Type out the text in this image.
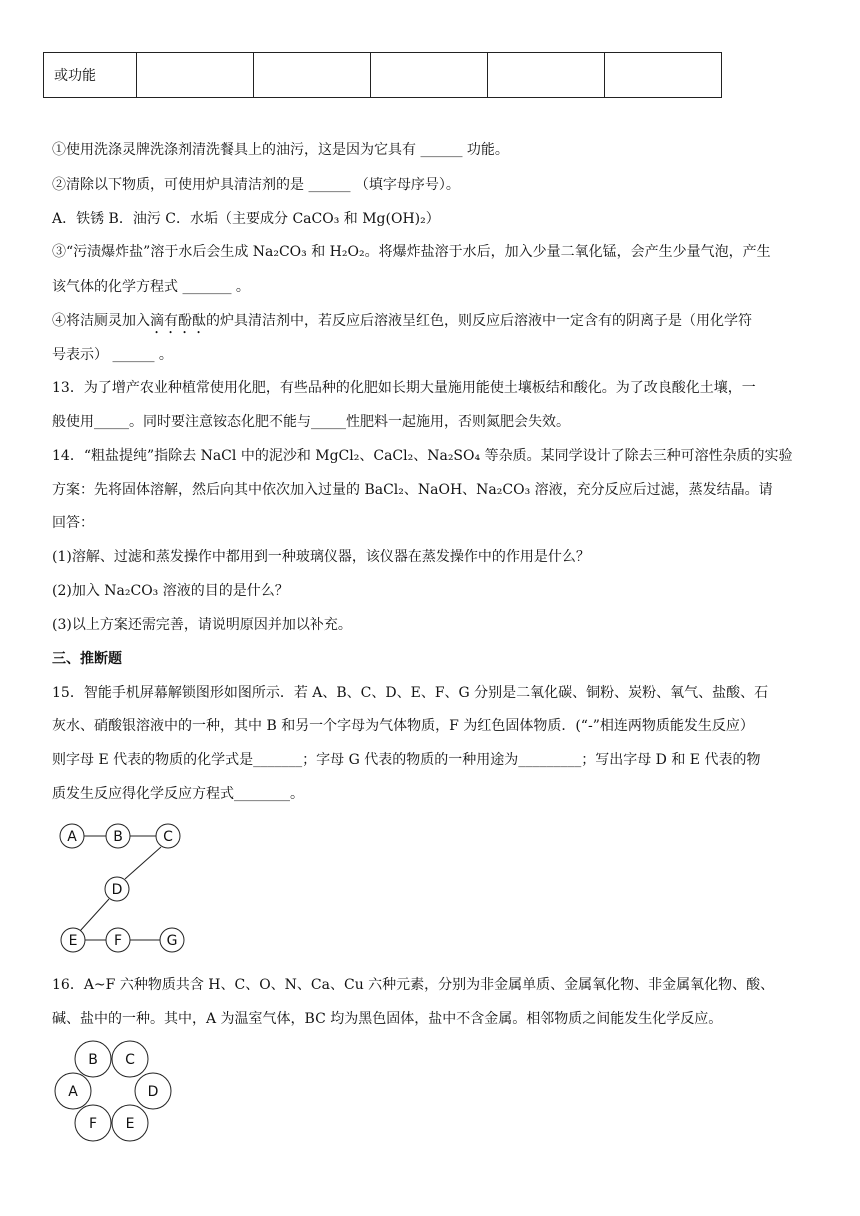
或功能					
①使用洗涤灵牌洗涤剂清洗餐具上的油污，这是因为它具有 ______ 功能。
②清除以下物质，可使用炉具清洁剂的是 ______ （填字母序号）。
A．铁锈 B．油污 C．水垢（主要成分 CaCO₃ 和 Mg(OH)₂）
③“污渍爆炸盐”溶于水后会生成 Na₂CO₃ 和 H₂O₂。将爆炸盐溶于水后，加入少量二氧化锰，会产生少量气泡，产生
该气体的化学方程式 _______ 。
④将洁厕灵加入滴有酚酞的炉具清洁剂中，若反应后溶液呈红色，则反应后溶液中一定含有的阴离子是（用化学符
号表示） ______ 。
13．为了增产农业种植常使用化肥，有些品种的化肥如长期大量施用能使土壤板结和酸化。为了改良酸化土壤，一
般使用_____。同时要注意铵态化肥不能与_____性肥料一起施用，否则氮肥会失效。
14．“粗盐提纯”指除去 NaCl 中的泥沙和 MgCl₂、CaCl₂、Na₂SO₄ 等杂质。某同学设计了除去三种可溶性杂质的实验
方案：先将固体溶解，然后向其中依次加入过量的 BaCl₂、NaOH、Na₂CO₃ 溶液，充分反应后过滤，蒸发结晶。请
回答：
(1)溶解、过滤和蒸发操作中都用到一种玻璃仪器，该仪器在蒸发操作中的作用是什么？
(2)加入 Na₂CO₃ 溶液的目的是什么？
(3)以上方案还需完善，请说明原因并加以补充。
三、推断题
15．智能手机屏幕解锁图形如图所示．若 A、B、C、D、E、F、G 分别是二氧化碳、铜粉、炭粉、氧气、盐酸、石
灰水、硝酸银溶液中的一种，其中 B 和另一个字母为气体物质，F 为红色固体物质．(“-”相连两物质能发生反应）
则字母 E 代表的物质的化学式是_______；字母 G 代表的物质的一种用途为_________；写出字母 D 和 E 代表的物
质发生反应得化学反应方程式________。
A	B	C
D
E	F	G
16．A~F 六种物质共含 H、C、O、N、Ca、Cu 六种元素，分别为非金属单质、金属氧化物、非金属氧化物、酸、
碱、盐中的一种。其中，A 为温室气体，BC 均为黑色固体，盐中不含金属。相邻物质之间能发生化学反应。
A
B C
D
E
F
